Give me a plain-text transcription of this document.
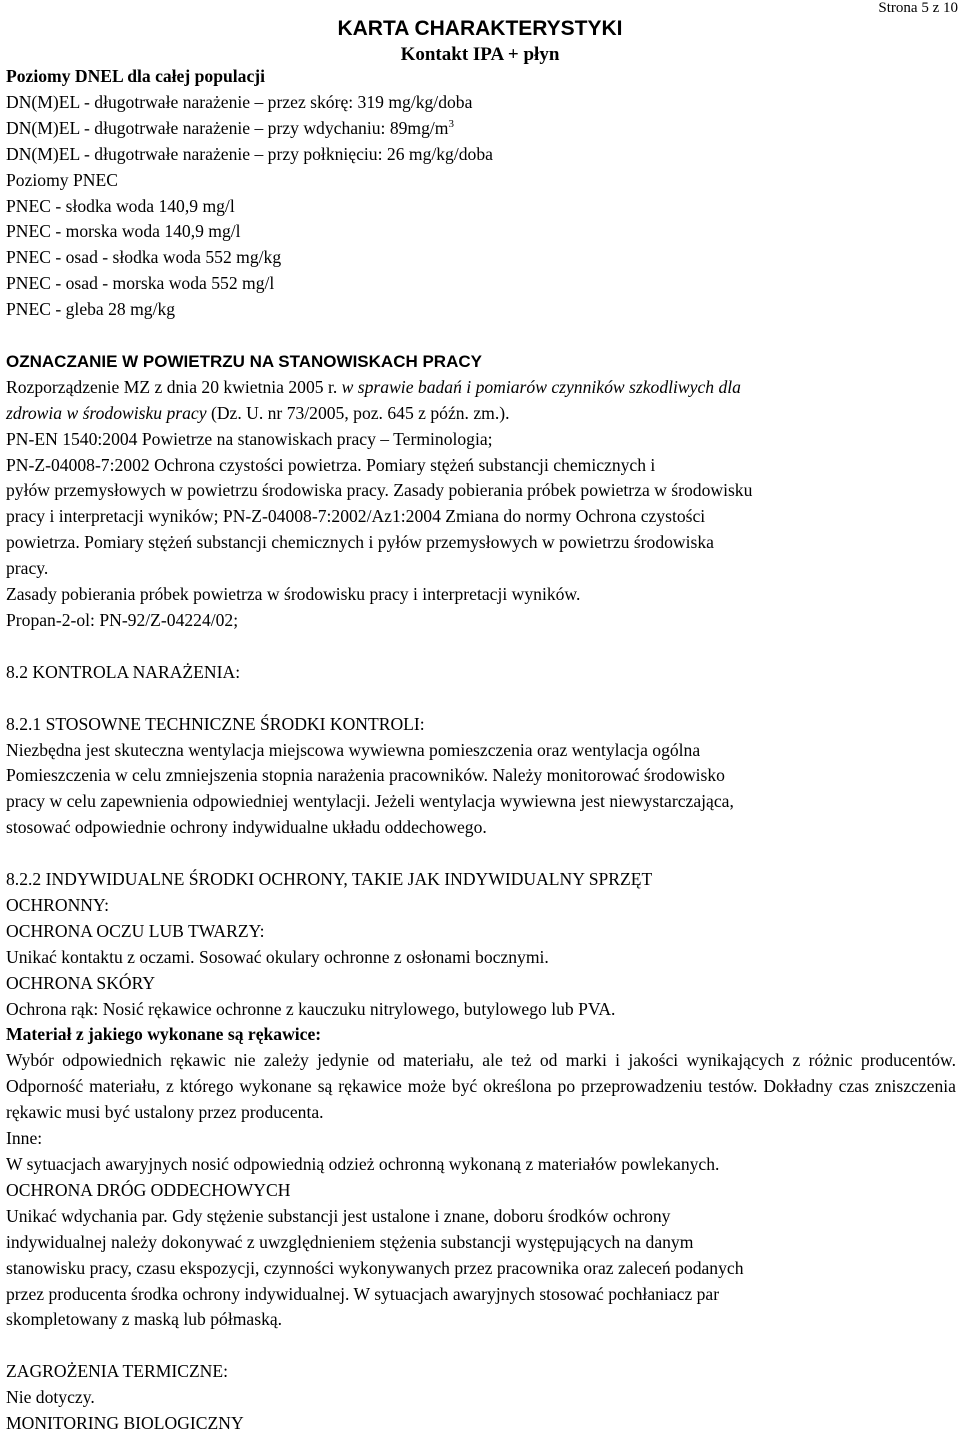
Strona 5 z 10
KARTA CHARAKTERYSTYKI
Kontakt IPA + płyn
Poziomy DNEL dla całej populacji
DN(M)EL - długotrwałe narażenie – przez skórę: 319 mg/kg/doba
DN(M)EL - długotrwałe narażenie – przy wdychaniu: $89mg/m^3$
DN(M)EL - długotrwałe narażenie – przy połknięciu: 26 mg/kg/doba
Poziomy PNEC
PNEC - słodka woda 140,9 mg/l
PNEC - morska woda 140,9 mg/l
PNEC - osad - słodka woda 552 mg/kg
PNEC - osad - morska woda 552 mg/l
PNEC - gleba 28 mg/kg
OZNACZANIE W POWIETRZU NA STANOWISKACH PRACY
Rozporządzenie MZ z dnia 20 kwietnia 2005 r. w sprawie badań i pomiarów czynników szkodliwych dla
zdrowia w środowisku pracy (Dz. U. nr 73/2005, poz. 645 z późn. zm.).
PN-EN 1540:2004 Powietrze na stanowiskach pracy – Terminologia;
PN-Z-04008-7:2002 Ochrona czystości powietrza. Pomiary stężeń substancji chemicznych i
pyłów przemysłowych w powietrzu środowiska pracy. Zasady pobierania próbek powietrza w środowisku
pracy i interpretacji wyników; PN-Z-04008-7:2002/Az1:2004 Zmiana do normy Ochrona czystości
powietrza. Pomiary stężeń substancji chemicznych i pyłów przemysłowych w powietrzu środowiska
pracy.
Zasady pobierania próbek powietrza w środowisku pracy i interpretacji wyników.
Propan-2-ol: PN-92/Z-04224/02;
8.2 KONTROLA NARAŻENIA:
8.2.1 STOSOWNE TECHNICZNE ŚRODKI KONTROLI:
Niezbędna jest skuteczna wentylacja miejscowa wywiewna pomieszczenia oraz wentylacja ogólna
Pomieszczenia w celu zmniejszenia stopnia narażenia pracowników. Należy monitorować środowisko
pracy w celu zapewnienia odpowiedniej wentylacji. Jeżeli wentylacja wywiewna jest niewystarczająca,
stosować odpowiednie ochrony indywidualne układu oddechowego.
8.2.2 INDYWIDUALNE ŚRODKI OCHRONY, TAKIE JAK INDYWIDUALNY SPRZĘT
OCHRONNY:
OCHRONA OCZU LUB TWARZY:
Unikać kontaktu z oczami. Sosować okulary ochronne z osłonami bocznymi.
OCHRONA SKÓRY
Ochrona rąk: Nosić rękawice ochronne z kauczuku nitrylowego, butylowego lub PVA.
Materiał z jakiego wykonane są rękawice:
Wybór odpowiednich rękawic nie zależy jedynie od materiału, ale też od marki i jakości wynikających z różnic producentów. Odporność materiału, z którego wykonane są rękawice może być określona po przeprowadzeniu testów. Dokładny czas zniszczenia rękawic musi być ustalony przez producenta.
Inne:
W sytuacjach awaryjnych nosić odpowiednią odzież ochronną wykonaną z materiałów powlekanych.
OCHRONA DRÓG ODDECHOWYCH
Unikać wdychania par. Gdy stężenie substancji jest ustalone i znane, doboru środków ochrony
indywidualnej należy dokonywać z uwzględnieniem stężenia substancji występujących na danym
stanowisku pracy, czasu ekspozycji, czynności wykonywanych przez pracownika oraz zaleceń podanych
przez producenta środka ochrony indywidualnej. W sytuacjach awaryjnych stosować pochłaniacz par
skompletowany z maską lub półmaską.
ZAGROŻENIA TERMICZNE:
Nie dotyczy.
MONITORING BIOLOGICZNY
